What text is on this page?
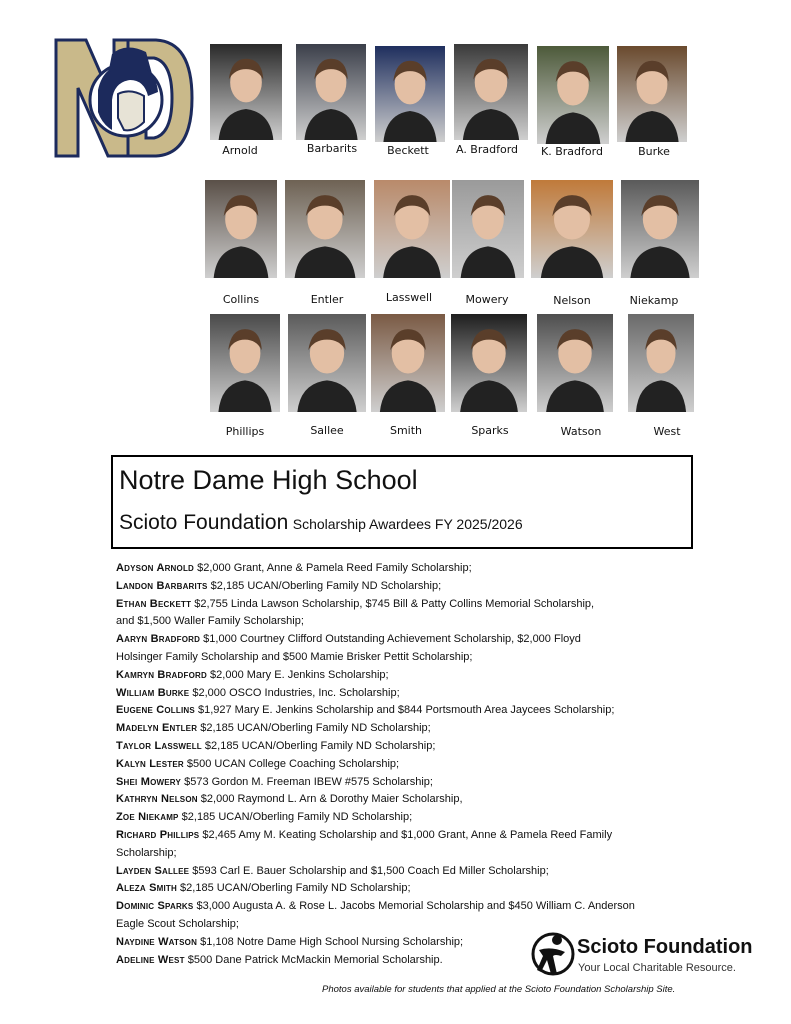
Arnold	Barbarits	Beckett	A. Bradford	K. Bradford	Burke
Collins	Entler	Lasswell	Mowery	Nelson	Niekamp
Phillips	Sallee	Smith	Sparks	Watson	West
Notre Dame High School
Scioto Foundation Scholarship Awardees FY 2025/2026
Adyson Arnold $2,000 Grant, Anne & Pamela Reed Family Scholarship;
Landon Barbarits $2,185 UCAN/Oberling Family ND Scholarship;
Ethan Beckett $2,755 Linda Lawson Scholarship, $745 Bill & Patty Collins Memorial Scholarship,
and $1,500 Waller Family Scholarship;
Aaryn Bradford $1,000 Courtney Clifford Outstanding Achievement Scholarship, $2,000 Floyd
Holsinger Family Scholarship and $500 Mamie Brisker Pettit Scholarship;
Kamryn Bradford $2,000 Mary E. Jenkins Scholarship;
William Burke $2,000 OSCO Industries, Inc. Scholarship;
Eugene Collins $1,927 Mary E. Jenkins Scholarship and $844 Portsmouth Area Jaycees Scholarship;
Madelyn Entler $2,185 UCAN/Oberling Family ND Scholarship;
Taylor Lasswell $2,185 UCAN/Oberling Family ND Scholarship;
Kalyn Lester $500 UCAN College Coaching Scholarship;
Shei Mowery $573 Gordon M. Freeman IBEW #575 Scholarship;
Kathryn Nelson $2,000 Raymond L. Arn & Dorothy Maier Scholarship,
Zoe Niekamp $2,185 UCAN/Oberling Family ND Scholarship;
Richard Phillips $2,465 Amy M. Keating Scholarship and $1,000 Grant, Anne & Pamela Reed Family
Scholarship;
Layden Sallee $593 Carl E. Bauer Scholarship and $1,500 Coach Ed Miller Scholarship;
Aleza Smith $2,185 UCAN/Oberling Family ND Scholarship;
Dominic Sparks $3,000 Augusta A. & Rose L. Jacobs Memorial Scholarship and $450 William C. Anderson
Eagle Scout Scholarship;
Naydine Watson $1,108 Notre Dame High School Nursing Scholarship;
Adeline West $500 Dane Patrick McMackin Memorial Scholarship.
Scioto Foundation
Your Local Charitable Resource.
Photos available for students that applied at the Scioto Foundation Scholarship Site.
